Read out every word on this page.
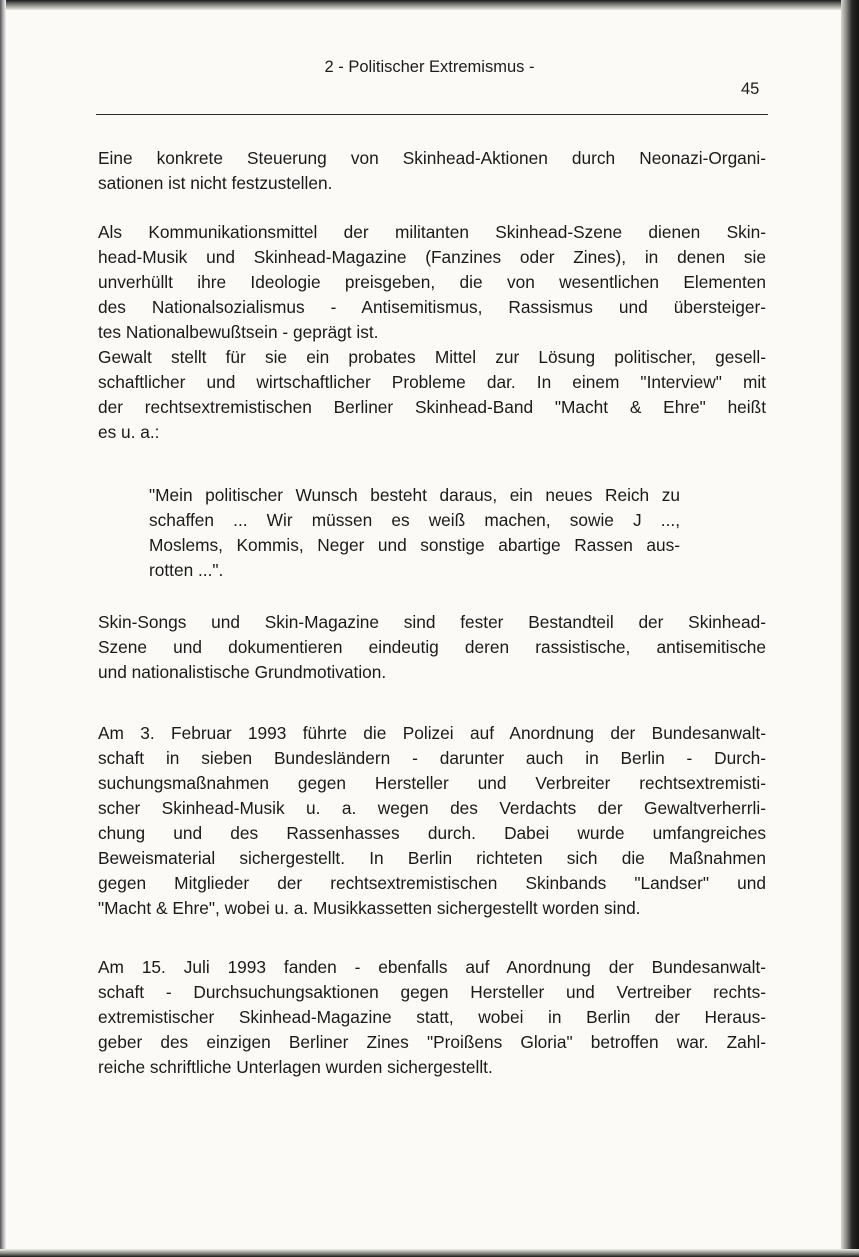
2 - Politischer Extremismus -
45
Eine konkrete Steuerung von Skinhead-Aktionen durch Neonazi-Organi-
sationen ist nicht festzustellen.
Als Kommunikationsmittel der militanten Skinhead-Szene dienen Skin-
head-Musik und Skinhead-Magazine (Fanzines oder Zines), in denen sie
unverhüllt ihre Ideologie preisgeben, die von wesentlichen Elementen
des Nationalsozialismus - Antisemitismus, Rassismus und übersteiger-
tes Nationalbewußtsein - geprägt ist.
Gewalt stellt für sie ein probates Mittel zur Lösung politischer, gesell-
schaftlicher und wirtschaftlicher Probleme dar. In einem "Interview" mit
der rechtsextremistischen Berliner Skinhead-Band "Macht & Ehre" heißt
es u. a.:
"Mein politischer Wunsch besteht daraus, ein neues Reich zu
schaffen ... Wir müssen es weiß machen, sowie J ...,
Moslems, Kommis, Neger und sonstige abartige Rassen aus-
rotten ...".
Skin-Songs und Skin-Magazine sind fester Bestandteil der Skinhead-
Szene und dokumentieren eindeutig deren rassistische, antisemitische
und nationalistische Grundmotivation.
Am 3. Februar 1993 führte die Polizei auf Anordnung der Bundesanwalt-
schaft in sieben Bundesländern - darunter auch in Berlin - Durch-
suchungsmaßnahmen gegen Hersteller und Verbreiter rechtsextremisti-
scher Skinhead-Musik u. a. wegen des Verdachts der Gewaltverherrli-
chung und des Rassenhasses durch. Dabei wurde umfangreiches
Beweismaterial sichergestellt. In Berlin richteten sich die Maßnahmen
gegen Mitglieder der rechtsextremistischen Skinbands "Landser" und
"Macht & Ehre", wobei u. a. Musikkassetten sichergestellt worden sind.
Am 15. Juli 1993 fanden - ebenfalls auf Anordnung der Bundesanwalt-
schaft - Durchsuchungsaktionen gegen Hersteller und Vertreiber rechts-
extremistischer Skinhead-Magazine statt, wobei in Berlin der Heraus-
geber des einzigen Berliner Zines "Proißens Gloria" betroffen war. Zahl-
reiche schriftliche Unterlagen wurden sichergestellt.
